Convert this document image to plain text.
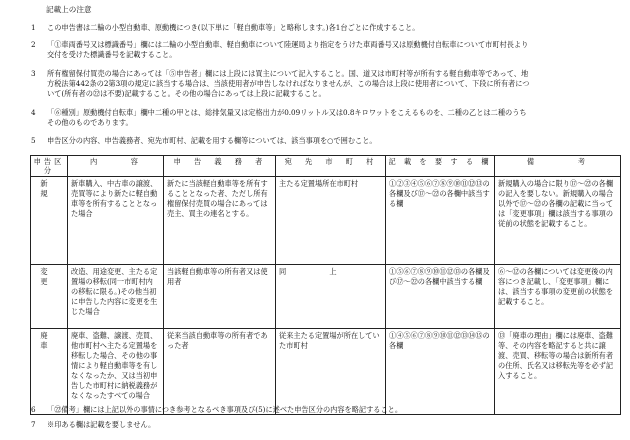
記載上の注意
1 この申告書は二輪の小型自動車、原動機につき(以下単に「軽自動車等」と略称します。)各1台ごとに作成すること。
2 「①車両番号又は標識番号」欄には二輪の小型自動車、軽自動車について陸運局より指定をうけた車両番号又は原動機付自転車について市町村長より
交付を受けた標識番号を記載すること。
3 所有権留保付買売の場合にあっては「⑤申告者」欄には上段には買主について記入すること。国、道又は市町村等が所有する軽自動車等であって、地
方税法第442条の2第3項の規定に該当する場合は、当該使用者が申告しなければなりませんが、この場合は上段に使用者について、下段に所有者につ
いて(所有者の㉒は不要)記載すること。その他の場合にあっては上段に記載すること。
4 「⑥種別」原動機付自転車」欄中二種の甲とは、総排気量又は定格出力が0.09リットル又は0.8キロワットをこえるものを、二種の乙とは二種のうち
その他のものであります。
5 申告区分の内容、申告義務者、宛先市町村、記載を用する欄等については、該当事項を○で囲むこと。
申告区分	内　　　容	申　告　義　務　者	宛　先　市　町　村	記 載 を 要 す る 欄	備　　　　考
新規	新車購入、中古車の譲渡、売買等により新たに軽自動車等を所有することとなった場合	新たに当該軽自動車等を所有することとなった者、ただし所有権留保付売買の場合にあっては売主、買主の連名とする。	主たる定置場所在市町村	①②③④⑤⑥⑦⑧⑨⑩⑪⑫⑬の各欄及び⑰～㉒の各欄中該当する欄	新規購入の場合に限り⑰～㉒の各欄の記入を要しない。新規購入の場合以外で⑰～㉒の各欄の記載に当っては「変更事項」欄は該当する事項の従前の状態を記載すること。
変更	改造、用途変更、主たる定置場の移転(同一市町村内の移転に限る。)その他当初に申告した内容に変更を生じた場合	当該軽自動車等の所有者又は使用者	同　　　　　　上	①⑤⑥⑦⑧⑨⑩⑪⑫⑬の各欄及び⑰～㉒の各欄中該当する欄	⑥～⑫の各欄については変更後の内容につき記載し、「変更事項」欄には、該当する事項の変更前の状態を記載すること。
廃車	廃車、盗難、譲渡、売買、他市町村へ主たる定置場を移転した場合、その他の事情により軽自動車等を有しなくなったか、又は当初申告した市町村に納税義務がなくなったすべての場合	従来当該自動車等の所有者であった者	従来主たる定置場が所在していた市町村	①④⑤⑥⑦⑧⑨⑩⑪⑫⑬⑭⑮の各欄	⑬「廃車の理由」欄には廃車、盗難等、その内容を略記すると共に譲渡、売買、移転等の場合は新所有者の住所、氏名又は移転先等を必ず記入すること。
6 「㉒備考」欄には上記以外の事情につき参考となるべき事項及び(5)に述べた申告区分の内容を略記すること。
7 ※印ある欄は記載を要しません。
